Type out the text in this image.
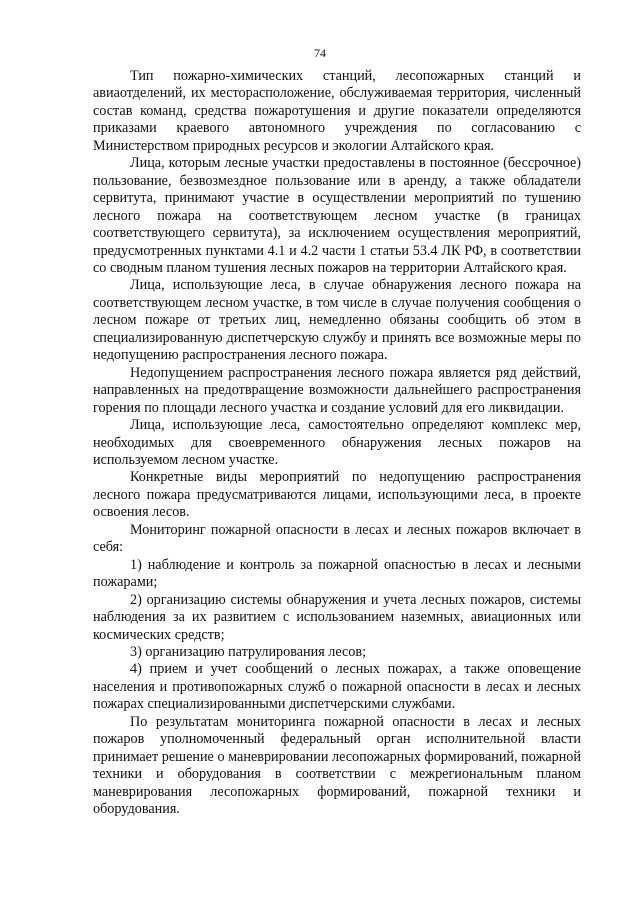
74

Тип пожарно-химических станций, лесопожарных станций и авиаотделений, их месторасположение, обслуживаемая территория, численный состав команд, средства пожаротушения и другие показатели определяются приказами краевого автономного учреждения по согласованию с Министерством природных ресурсов и экологии Алтайского края.

Лица, которым лесные участки предоставлены в постоянное (бессрочное) пользование, безвозмездное пользование или в аренду, а также обладатели сервитута, принимают участие в осуществлении мероприятий по тушению лесного пожара на соответствующем лесном участке (в границах соответствующего сервитута), за исключением осуществления мероприятий, предусмотренных пунктами 4.1 и 4.2 части 1 статьи 53.4 ЛК РФ, в соответствии со сводным планом тушения лесных пожаров на территории Алтайского края.

Лица, использующие леса, в случае обнаружения лесного пожара на соответствующем лесном участке, в том числе в случае получения сообщения о лесном пожаре от третьих лиц, немедленно обязаны сообщить об этом в специализированную диспетчерскую службу и принять все возможные меры по недопущению распространения лесного пожара.

Недопущением распространения лесного пожара является ряд действий, направленных на предотвращение возможности дальнейшего распространения горения по площади лесного участка и создание условий для его ликвидации.

Лица, использующие леса, самостоятельно определяют комплекс мер, необходимых для своевременного обнаружения лесных пожаров на используемом лесном участке.

Конкретные виды мероприятий по недопущению распространения лесного пожара предусматриваются лицами, использующими леса, в проекте освоения лесов.

Мониторинг пожарной опасности в лесах и лесных пожаров включает в себя:

1) наблюдение и контроль за пожарной опасностью в лесах и лесными пожарами;

2) организацию системы обнаружения и учета лесных пожаров, системы наблюдения за их развитием с использованием наземных, авиационных или космических средств;

3) организацию патрулирования лесов;

4) прием и учет сообщений о лесных пожарах, а также оповещение населения и противопожарных служб о пожарной опасности в лесах и лесных пожарах специализированными диспетчерскими службами.

По результатам мониторинга пожарной опасности в лесах и лесных пожаров уполномоченный федеральный орган исполнительной власти принимает решение о маневрировании лесопожарных формирований, пожарной техники и оборудования в соответствии с межрегиональным планом маневрирования лесопожарных формирований, пожарной техники и оборудования.
